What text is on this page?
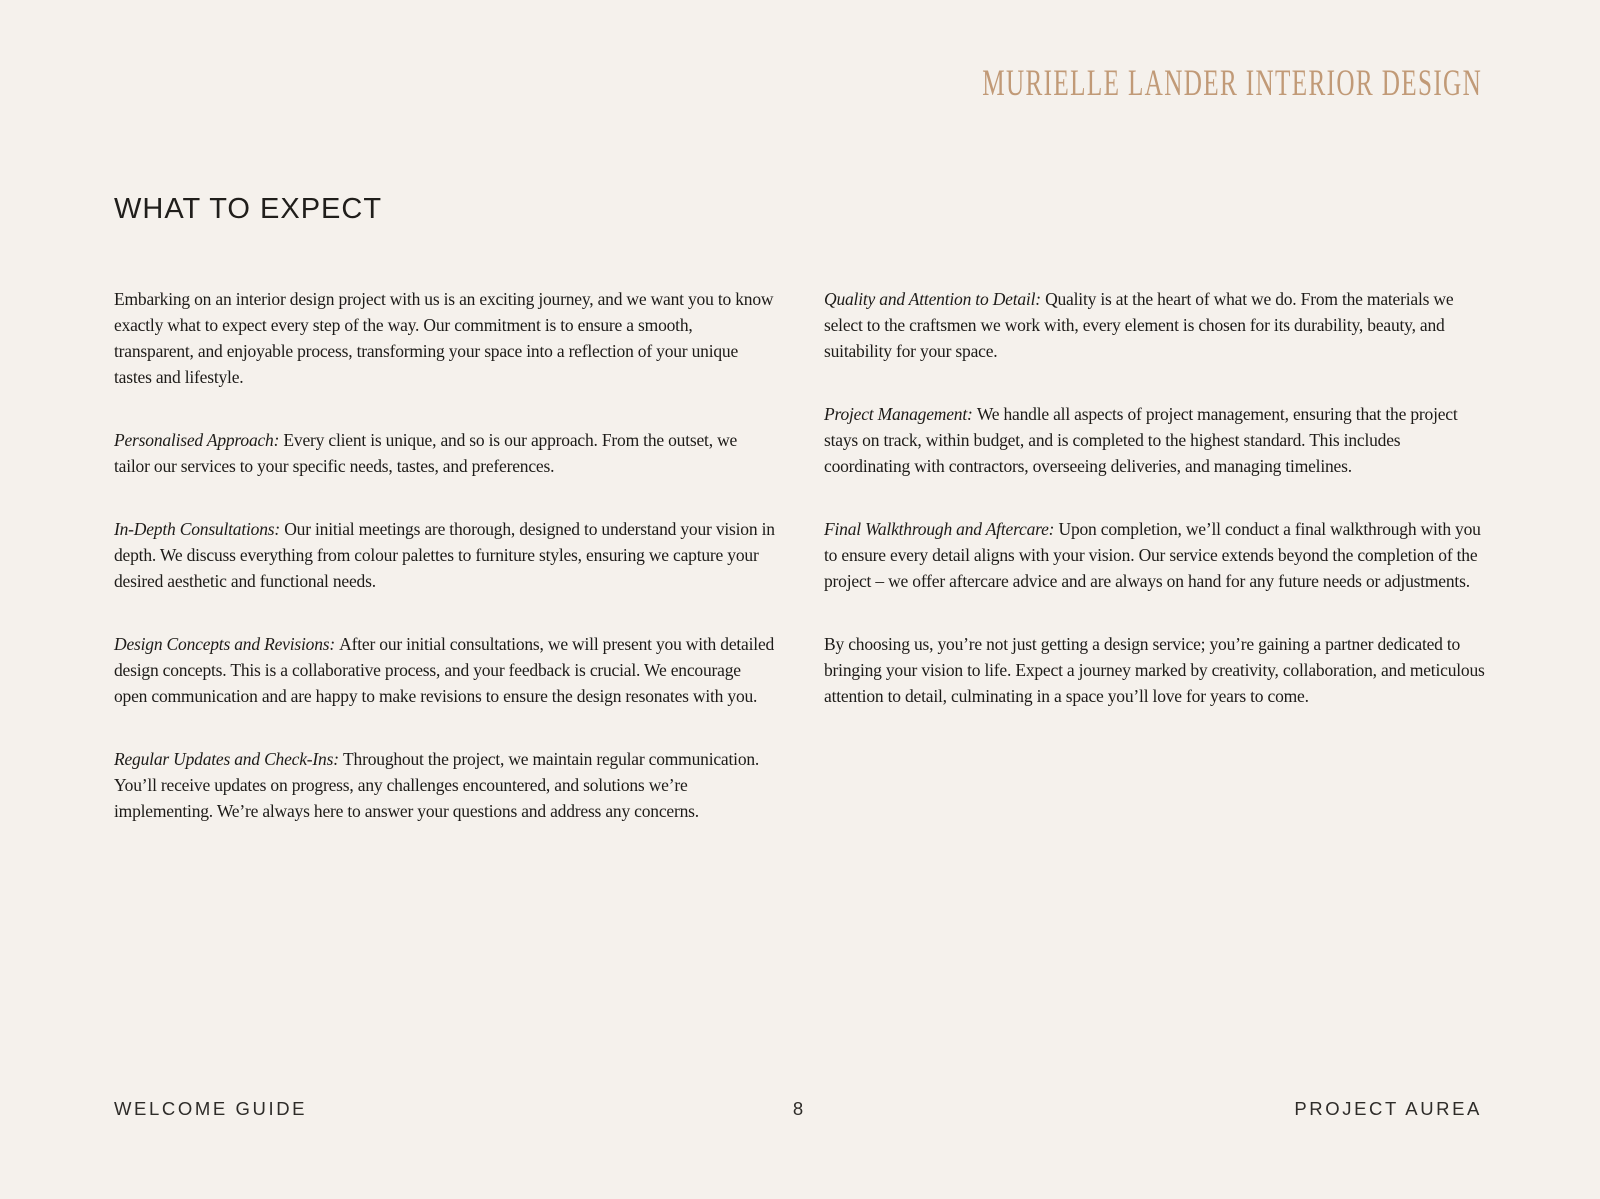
MURIELLE LANDER INTERIOR DESIGN
WHAT TO EXPECT

Embarking on an interior design project with us is an exciting journey, and we want you to know exactly what to expect every step of the way. Our commitment is to ensure a smooth, transparent, and enjoyable process, transforming your space into a reflection of your unique tastes and lifestyle.

Personalised Approach: Every client is unique, and so is our approach. From the outset, we tailor our services to your specific needs, tastes, and preferences.

In-Depth Consultations: Our initial meetings are thorough, designed to understand your vision in depth. We discuss everything from colour palettes to furniture styles, ensuring we capture your desired aesthetic and functional needs.

Design Concepts and Revisions: After our initial consultations, we will present you with detailed design concepts. This is a collaborative process, and your feedback is crucial. We encourage open communication and are happy to make revisions to ensure the design resonates with you.

Regular Updates and Check-Ins: Throughout the project, we maintain regular communication. You’ll receive updates on progress, any challenges encountered, and solutions we’re implementing. We’re always here to answer your questions and address any concerns.

Quality and Attention to Detail: Quality is at the heart of what we do. From the materials we select to the craftsmen we work with, every element is chosen for its durability, beauty, and suitability for your space.

Project Management: We handle all aspects of project management, ensuring that the project stays on track, within budget, and is completed to the highest standard. This includes coordinating with contractors, overseeing deliveries, and managing timelines.

Final Walkthrough and Aftercare: Upon completion, we’ll conduct a final walkthrough with you to ensure every detail aligns with your vision. Our service extends beyond the completion of the project – we offer aftercare advice and are always on hand for any future needs or adjustments.

By choosing us, you’re not just getting a design service; you’re gaining a partner dedicated to bringing your vision to life. Expect a journey marked by creativity, collaboration, and meticulous attention to detail, culminating in a space you’ll love for years to come.

WELCOME GUIDE	8	PROJECT AUREA
